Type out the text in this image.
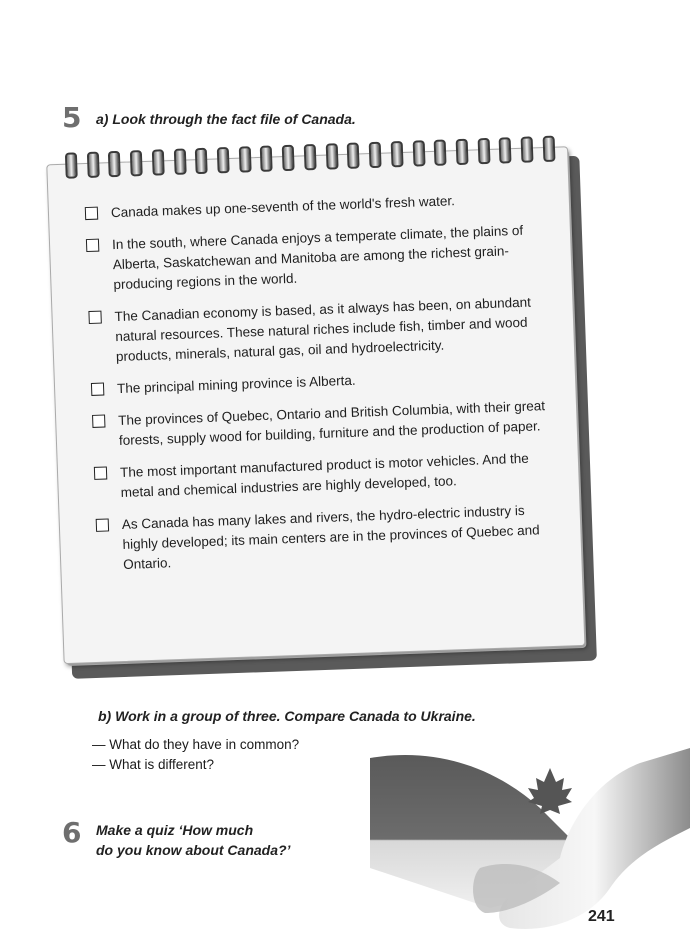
5 a) Look through the fact file of Canada.
Canada makes up one-seventh of the world's fresh water.
In the south, where Canada enjoys a temperate climate, the plains of Alberta, Saskatchewan and Manitoba are among the richest grain-producing regions in the world.
The Canadian economy is based, as it always has been, on abundant natural resources. These natural riches include fish, timber and wood products, minerals, natural gas, oil and hydroelectricity.
The principal mining province is Alberta.
The provinces of Quebec, Ontario and British Columbia, with their great forests, supply wood for building, furniture and the production of paper.
The most important manufactured product is motor vehicles. And the metal and chemical industries are highly developed, too.
As Canada has many lakes and rivers, the hydro-electric industry is highly developed; its main centers are in the provinces of Quebec and Ontario.
b) Work in a group of three. Compare Canada to Ukraine.
— What do they have in common?
— What is different?
6 Make a quiz ‘How much
do you know about Canada?’
241
